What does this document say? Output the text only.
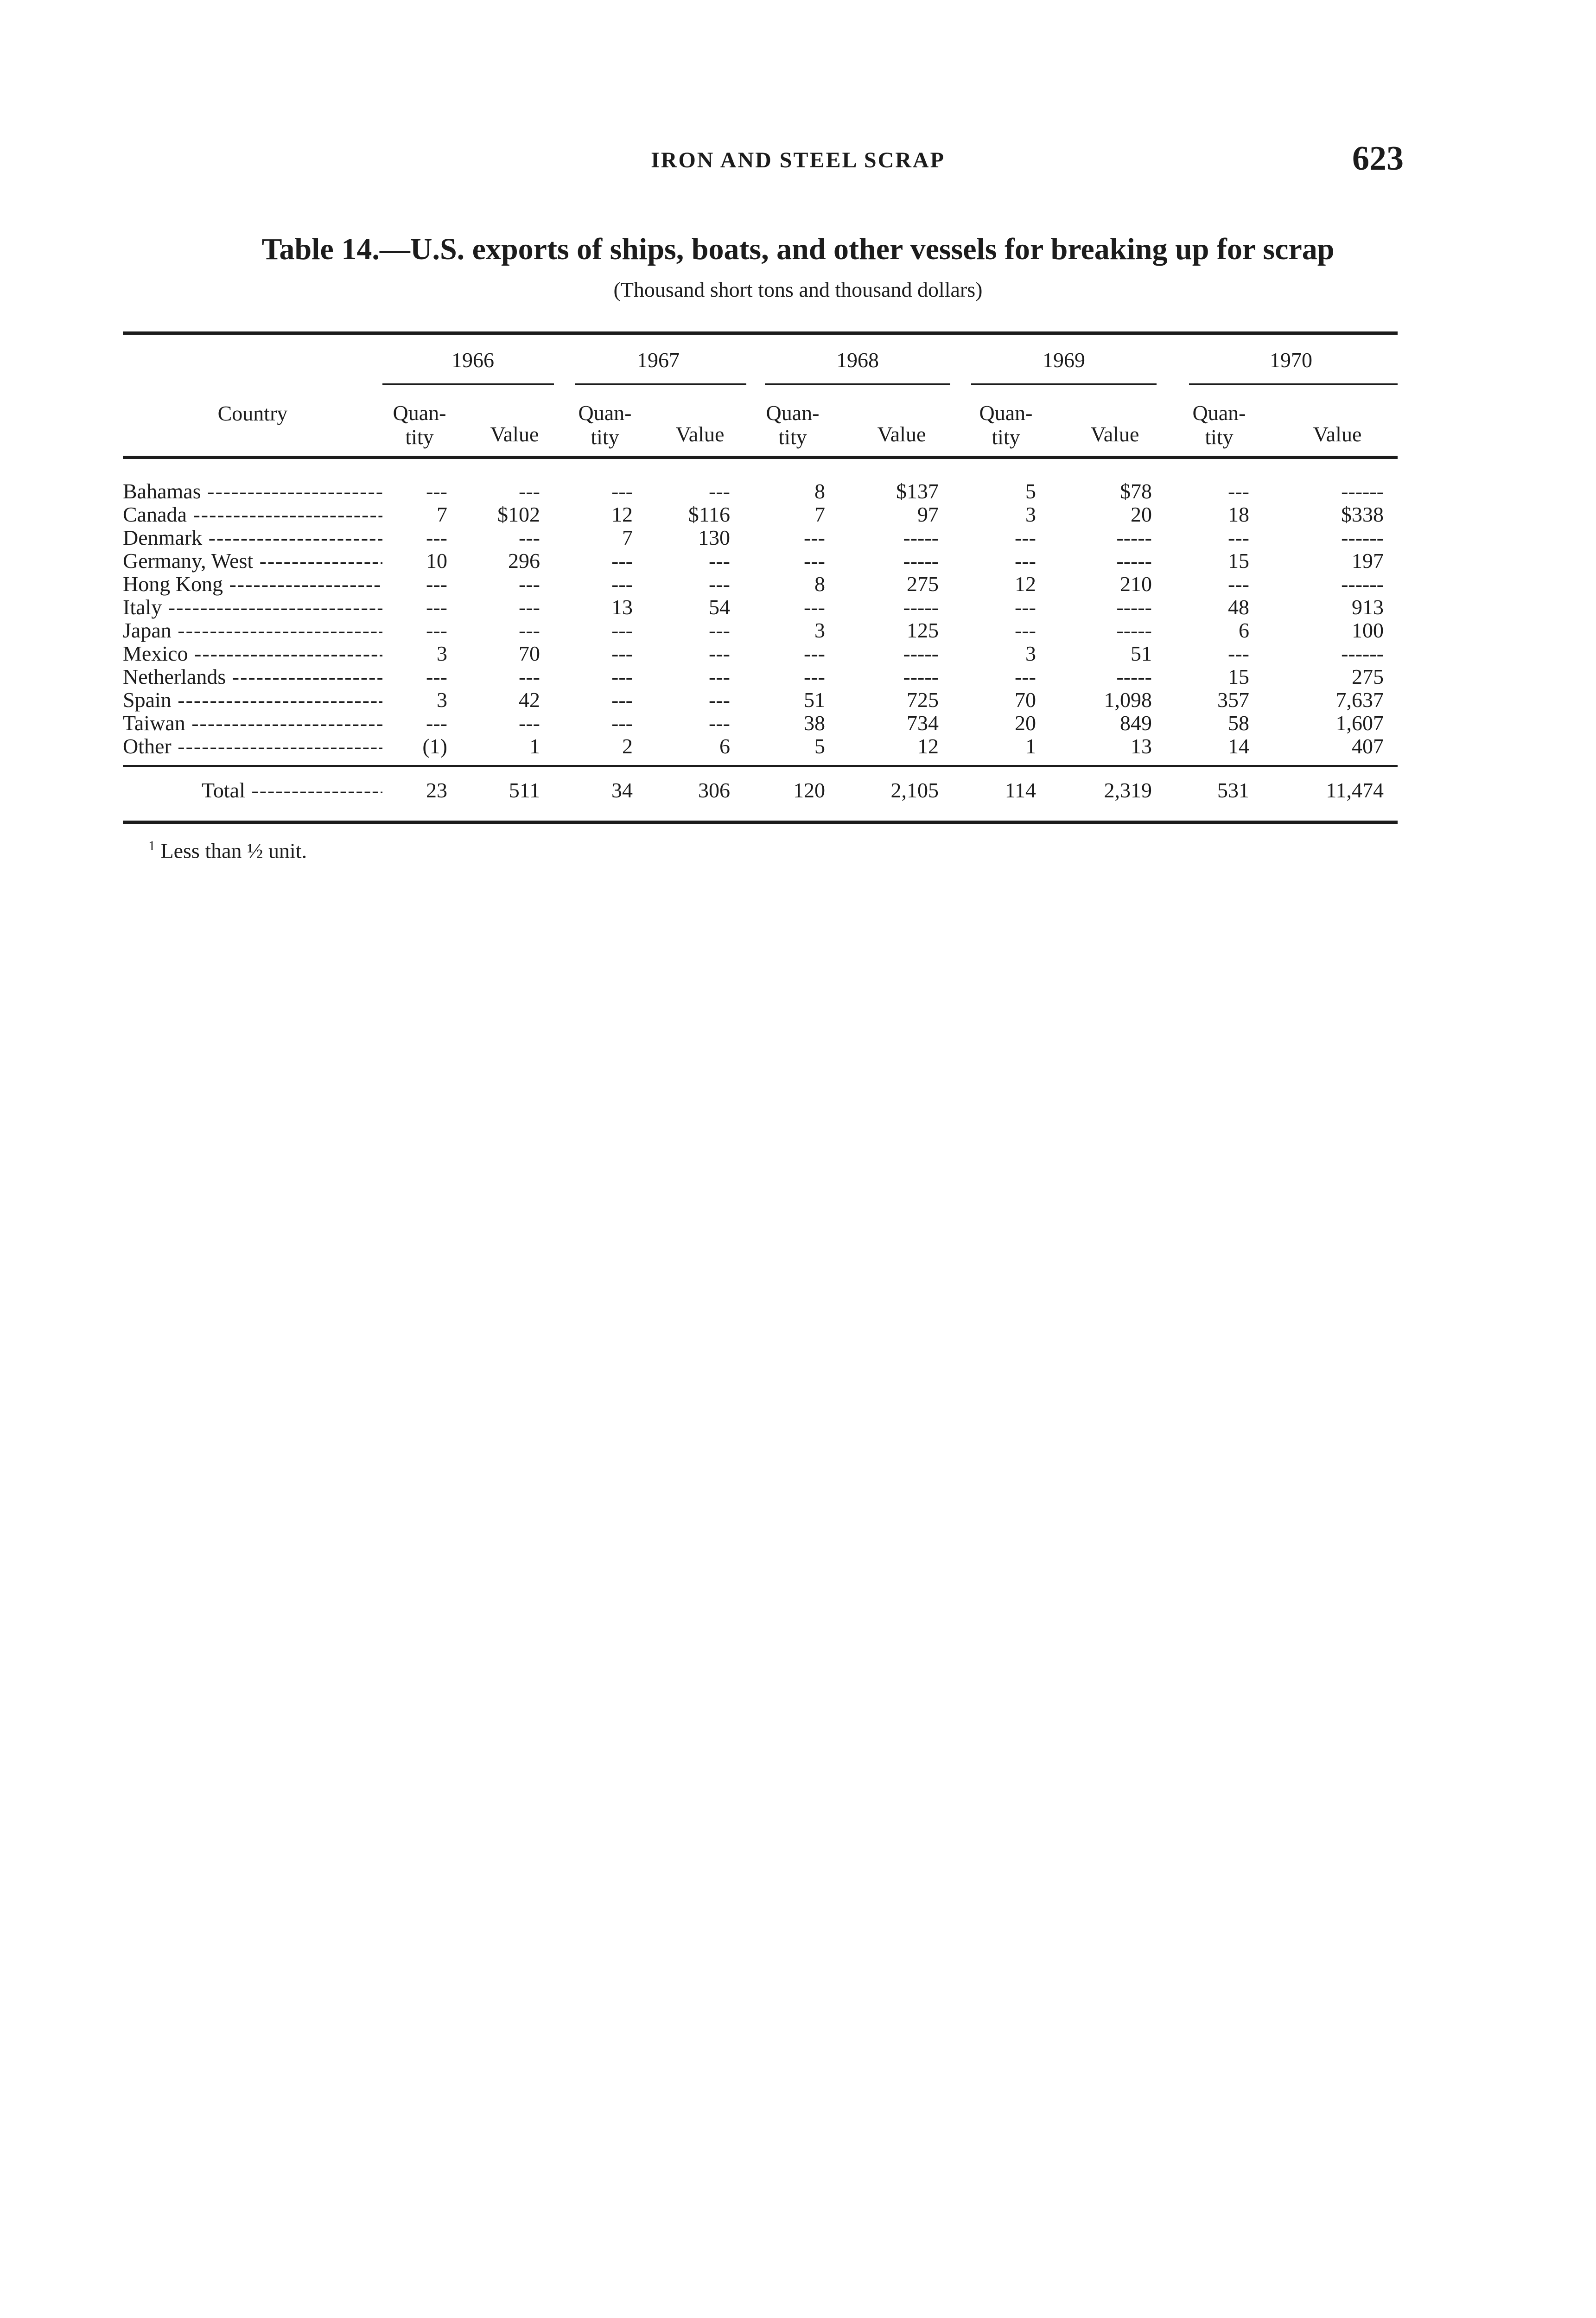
IRON AND STEEL SCRAP	623
Table 14.—U.S. exports of ships, boats, and other vessels for breaking up for scrap
(Thousand short tons and thousand dollars)
Country
1966	1967	1968	1969	1970
Quan- tity	Value
Quan- tity	Value
Quan- tity	Value
Quan- tity	Value
Quan- tity	Value
Bahamas -----	---	---	---	---	8	$137	5	$78	---	------
Canada -----	7	$102	12	$116	7	97	3	20	18	$338
Denmark -----	---	---	7	130	---	-----	---	-----	---	------
Germany, West -----	10	296	---	---	---	-----	---	-----	15	197
Hong Kong -----	---	---	---	---	8	275	12	210	---	------
Italy -----	---	---	13	54	---	-----	---	-----	48	913
Japan -----	---	---	---	---	3	125	---	-----	6	100
Mexico -----	3	70	---	---	---	-----	3	51	---	------
Netherlands -----	---	---	---	---	---	-----	---	-----	15	275
Spain -----	3	42	---	---	51	725	70	1,098	357	7,637
Taiwan -----	---	---	---	---	38	734	20	849	58	1,607
Other -----	(1)	1	2	6	5	12	1	13	14	407
Total -----	23	511	34	306	120	2,105	114	2,319	531	11,474
$^1$ Less than ½ unit.
